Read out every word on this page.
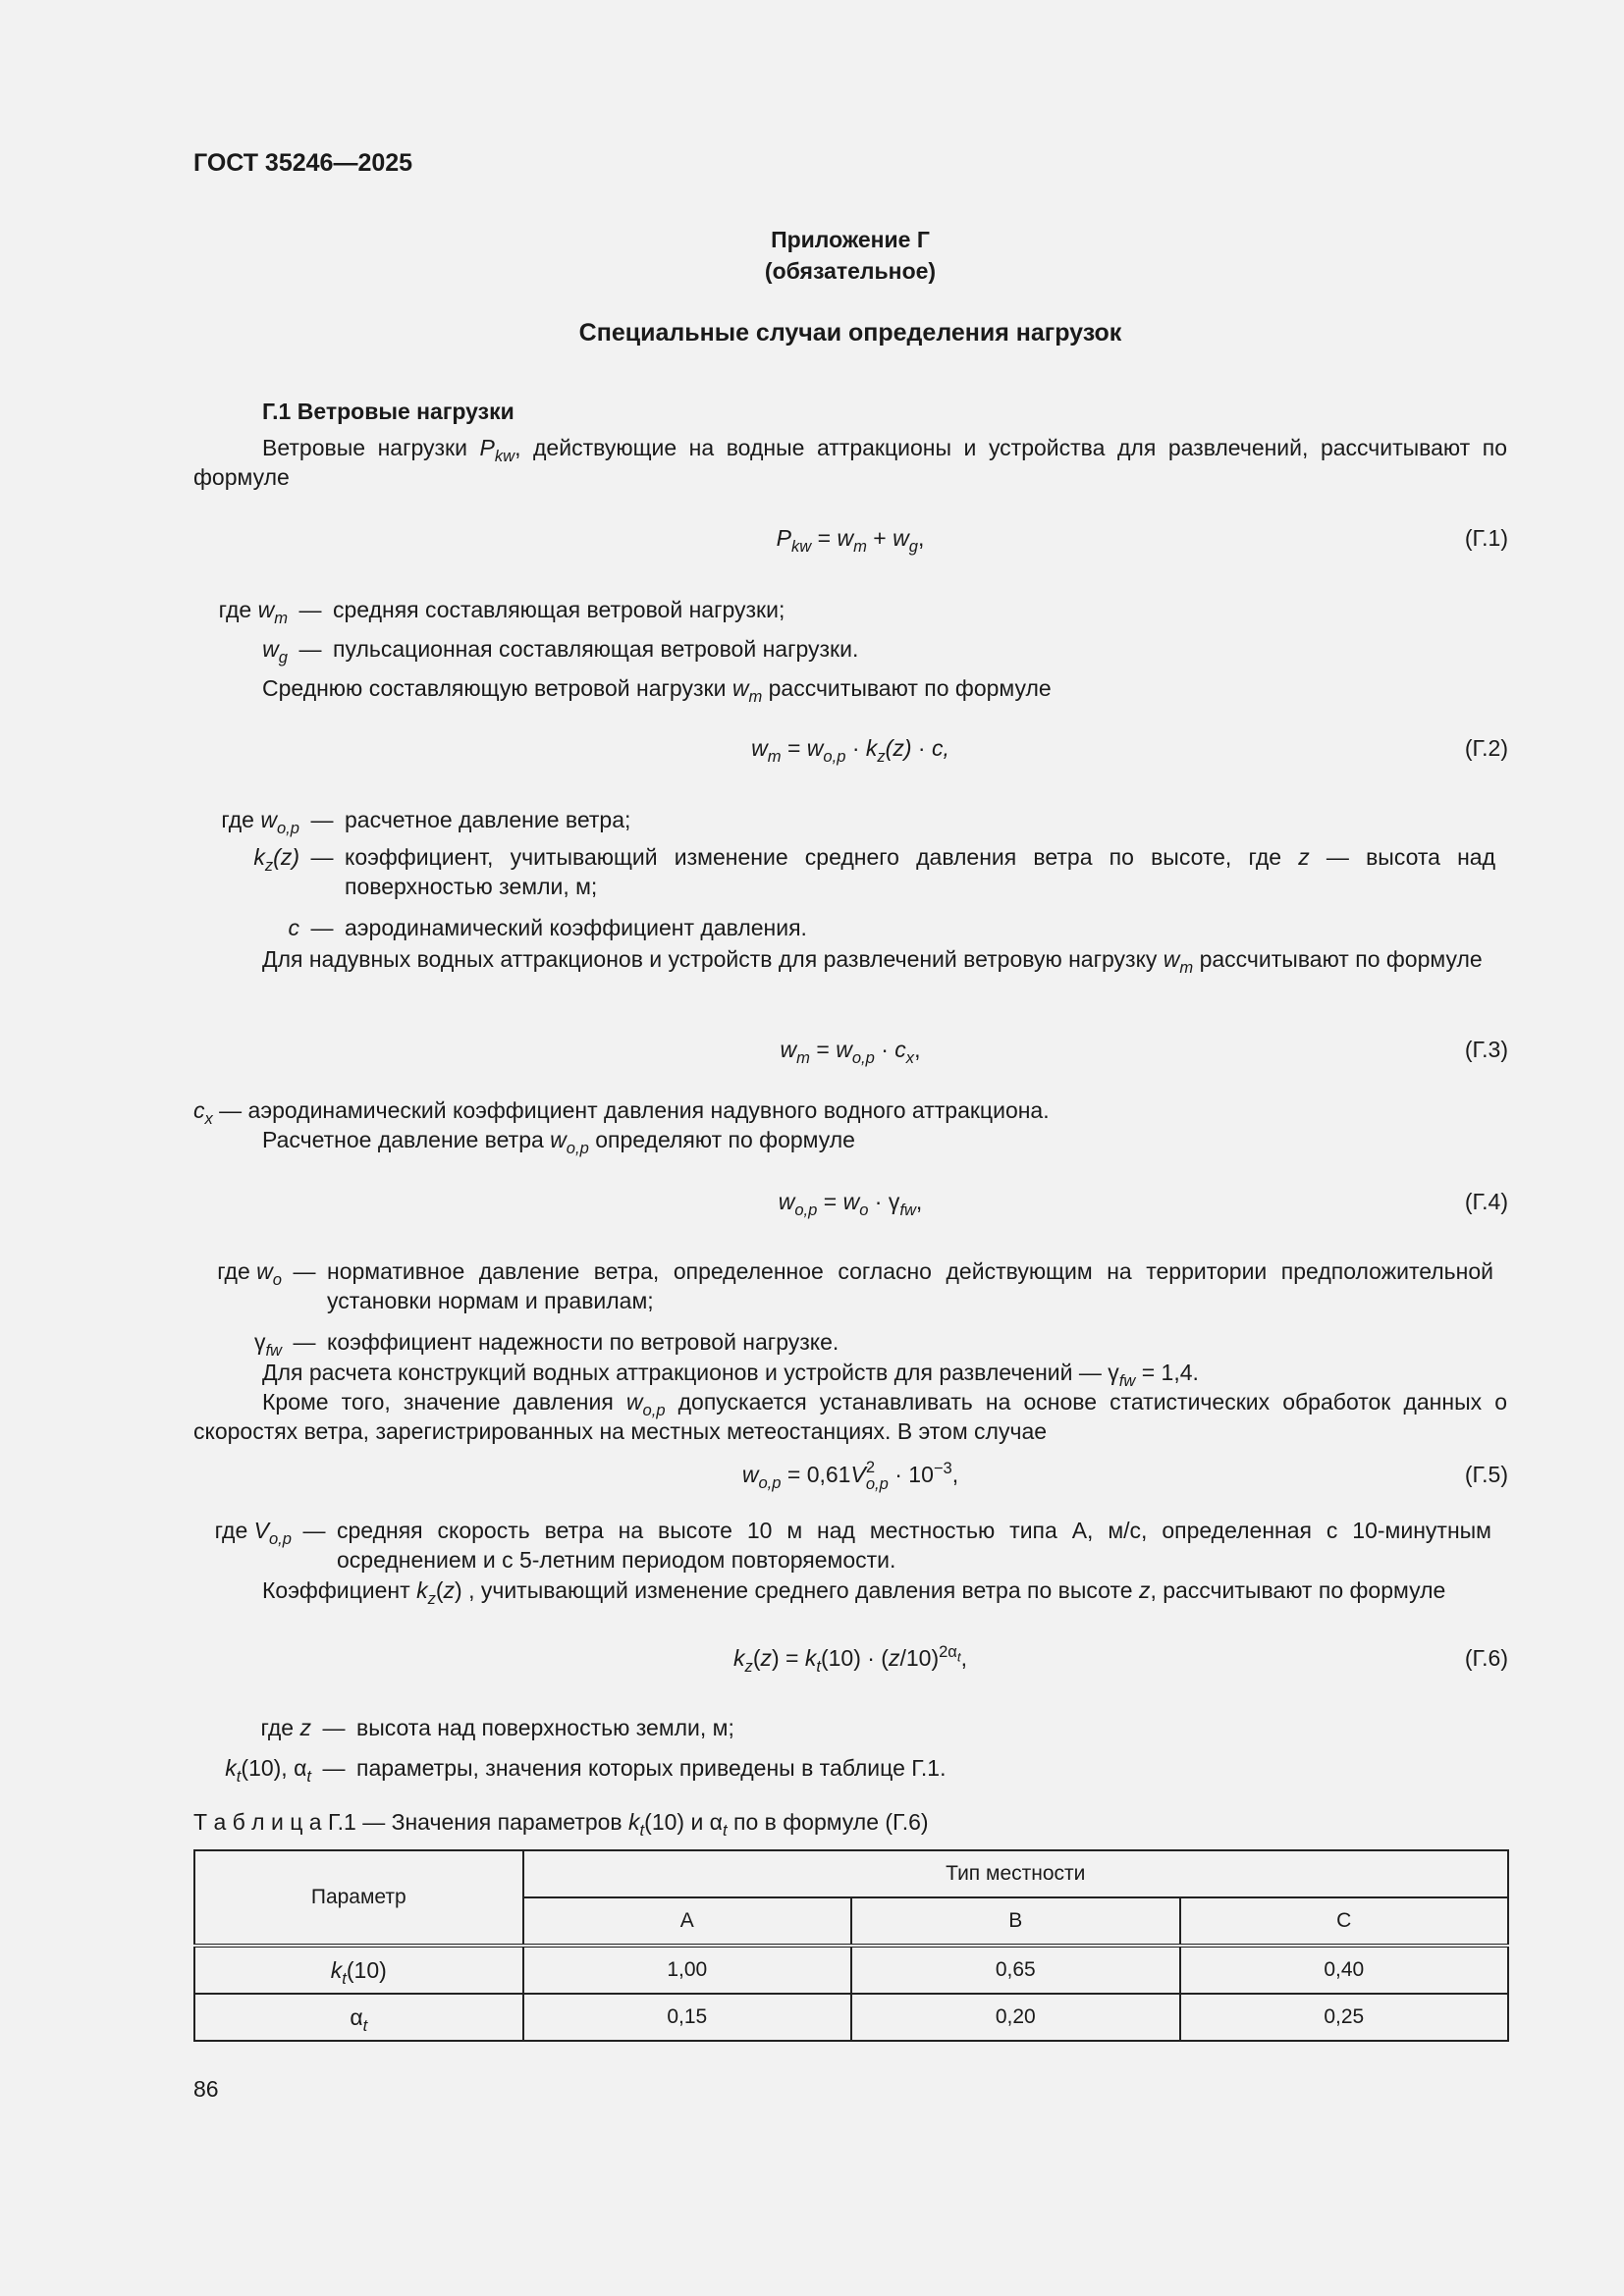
ГОСТ 35246—2025
Приложение Г
(обязательное)
Специальные случаи определения нагрузок
Г.1 Ветровые нагрузки
Ветровые нагрузки $P_{kw}$, действующие на водные аттракционы и устройства для развлечений, рассчитывают по формуле
$P_{kw} = w_m + w_g$,	(Г.1)
где $w_m$ — средняя составляющая ветровой нагрузки;
$w_g$ — пульсационная составляющая ветровой нагрузки.
Среднюю составляющую ветровой нагрузки $w_m$ рассчитывают по формуле
$w_m = w_{o,p} \cdot k_z(z) \cdot c$,	(Г.2)
где $w_{o,p}$ — расчетное давление ветра;
$k_z(z)$ — коэффициент, учитывающий изменение среднего давления ветра по высоте, где z — высота над поверхностью земли, м;
c — аэродинамический коэффициент давления.
Для надувных водных аттракционов и устройств для развлечений ветровую нагрузку $w_m$ рассчитывают по формуле
$w_m = w_{o,p} \cdot c_x$,	(Г.3)
$c_x$ — аэродинамический коэффициент давления надувного водного аттракциона.
Расчетное давление ветра $w_{o,p}$ определяют по формуле
$w_{o,p} = w_o \cdot \gamma_{fw}$,	(Г.4)
где $w_o$ — нормативное давление ветра, определенное согласно действующим на территории предположительной установки нормам и правилам;
$\gamma_{fw}$ — коэффициент надежности по ветровой нагрузке.
Для расчета конструкций водных аттракционов и устройств для развлечений — $\gamma_{fw} = 1,4$.
Кроме того, значение давления $w_{o,p}$ допускается устанавливать на основе статистических обработок данных о скоростях ветра, зарегистрированных на местных метеостанциях. В этом случае
$w_{o,p} = 0,61V$ 2
$o,p \cdot 10^{-3}$,	(Г.5)
где $V_{o,p}$ — средняя скорость ветра на высоте 10 м над местностью типа А, м/с, определенная с 10-минутным осреднением и с 5-летним периодом повторяемости.
Коэффициент $k_z(z)$ , учитывающий изменение среднего давления ветра по высоте z, рассчитывают по формуле
$k_z(z) = k_t(10) \cdot (z/10)^{2\alpha_t}$,	(Г.6)
где z — высота над поверхностью земли, м;
$k_t(10)$, $\alpha_t$ — параметры, значения которых приведены в таблице Г.1.
Т а б л и ц а Г.1 — Значения параметров $k_t(10)$ и $\alpha_t$ по в формуле (Г.6)
Параметр	Тип местности		
	А	В	С
$k_t(10)$	1,00	0,65	0,40
$\alpha_t$	0,15	0,20	0,25
86
